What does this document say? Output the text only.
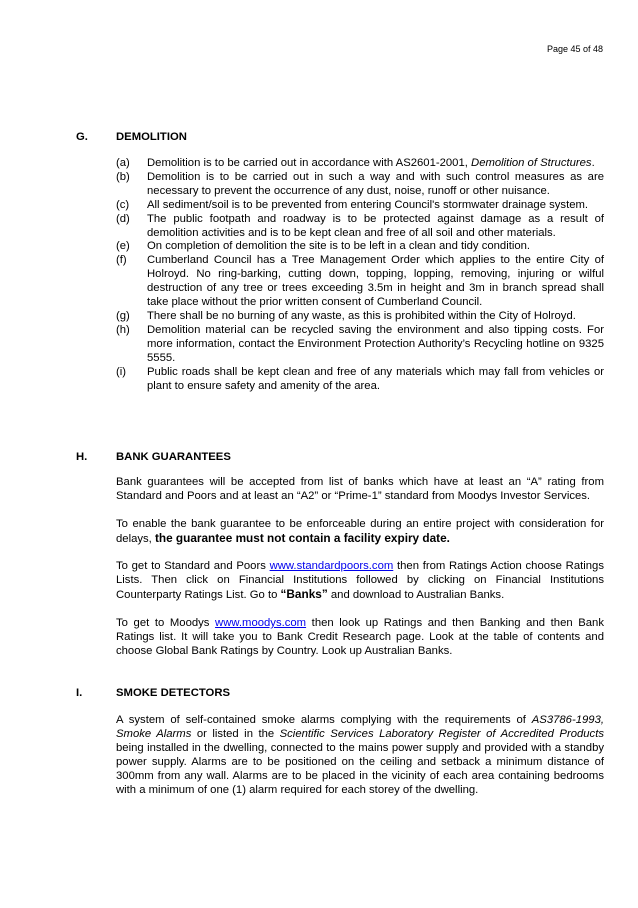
Page 45 of 48

G. DEMOLITION
(a)	Demolition is to be carried out in accordance with AS2601-2001, Demolition of Structures.
(b)	Demolition is to be carried out in such a way and with such control measures as are necessary to prevent the occurrence of any dust, noise, runoff or other nuisance.
(c)	All sediment/soil is to be prevented from entering Council's stormwater drainage system.
(d)	The public footpath and roadway is to be protected against damage as a result of demolition activities and is to be kept clean and free of all soil and other materials.
(e)	On completion of demolition the site is to be left in a clean and tidy condition.
(f)	Cumberland Council has a Tree Management Order which applies to the entire City of Holroyd. No ring-barking, cutting down, topping, lopping, removing, injuring or wilful destruction of any tree or trees exceeding 3.5m in height and 3m in branch spread shall take place without the prior written consent of Cumberland Council.
(g)	There shall be no burning of any waste, as this is prohibited within the City of Holroyd.
(h)	Demolition material can be recycled saving the environment and also tipping costs. For more information, contact the Environment Protection Authority’s Recycling hotline on 9325 5555.
(i)	Public roads shall be kept clean and free of any materials which may fall from vehicles or plant to ensure safety and amenity of the area.
H.	BANK GUARANTEES

Bank guarantees will be accepted from list of banks which have at least an “A” rating from Standard and Poors and at least an “A2” or “Prime-1” standard from Moodys Investor Services.

To enable the bank guarantee to be enforceable during an entire project with consideration for delays, the guarantee must not contain a facility expiry date.

To get to Standard and Poors www.standardpoors.com then from Ratings Action choose Ratings Lists. Then click on Financial Institutions followed by clicking on Financial Institutions Counterparty Ratings List. Go to “Banks” and download to Australian Banks.

To get to Moodys www.moodys.com then look up Ratings and then Banking and then Bank Ratings list. It will take you to Bank Credit Research page. Look at the table of contents and choose Global Bank Ratings by Country. Look up Australian Banks.

I.	SMOKE DETECTORS

A system of self-contained smoke alarms complying with the requirements of AS3786-1993, Smoke Alarms or listed in the Scientific Services Laboratory Register of Accredited Products being installed in the dwelling, connected to the mains power supply and provided with a standby power supply. Alarms are to be positioned on the ceiling and setback a minimum distance of 300mm from any wall. Alarms are to be placed in the vicinity of each area containing bedrooms with a minimum of one (1) alarm required for each storey of the dwelling.
